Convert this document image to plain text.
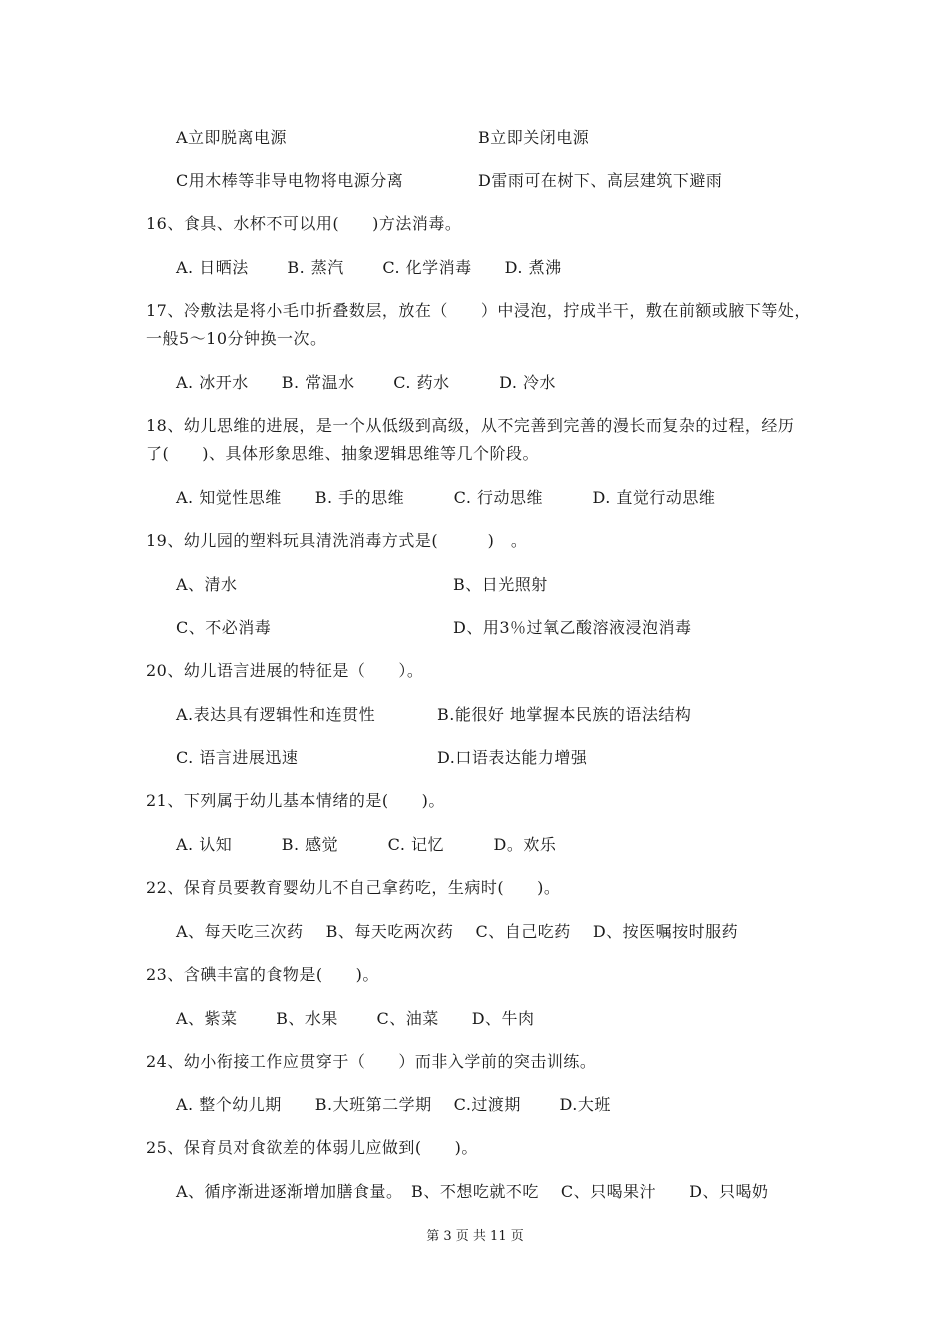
A立即脱离电源	B立即关闭电源
C用木棒等非导电物将电源分离	D雷雨可在树下、高层建筑下避雨
16、食具、水杯不可以用(　　)方法消毒。
A. 日晒法　　 B. 蒸汽　　 C. 化学消毒　　D. 煮沸
17、冷敷法是将小毛巾折叠数层，放在（　　）中浸泡，拧成半干，敷在前额或腋下等处，
一般5～10分钟换一次。
A. 冰开水　　B. 常温水　　 C. 药水　　　D. 冷水
18、幼儿思维的进展，是一个从低级到高级，从不完善到完善的漫长而复杂的过程，经历
了(　　)、具体形象思维、抽象逻辑思维等几个阶段。
A. 知觉性思维　　B. 手的思维　　　C. 行动思维　　　D. 直觉行动思维
19、幼儿园的塑料玩具清洗消毒方式是(　　　)　。
A、清水	B、日光照射
C、不必消毒	D、用3％过氧乙酸溶液浸泡消毒
20、幼儿语言进展的特征是（　　）。
A.表达具有逻辑性和连贯性	B.能很好 地掌握本民族的语法结构
C. 语言进展迅速	D.口语表达能力增强
21、下列属于幼儿基本情绪的是(　　)。
A. 认知　　　B. 感觉　　　C. 记忆　　　D。欢乐
22、保育员要教育婴幼儿不自己拿药吃，生病时(　　)。
A、每天吃三次药　 B、每天吃两次药　 C、自己吃药　 D、按医嘱按时服药
23、含碘丰富的食物是(　　)。
A、紫菜　　 B、水果　　 C、油菜　　D、牛肉
24、幼小衔接工作应贯穿于（　　）而非入学前的突击训练。
A. 整个幼儿期　　B.大班第二学期　 C.过渡期　　 D.大班
25、保育员对食欲差的体弱儿应做到(　　)。
A、循序渐进逐渐增加膳食量。　B、不想吃就不吃　 C、只喝果汁　　D、只喝奶
第 3 页 共 11 页
